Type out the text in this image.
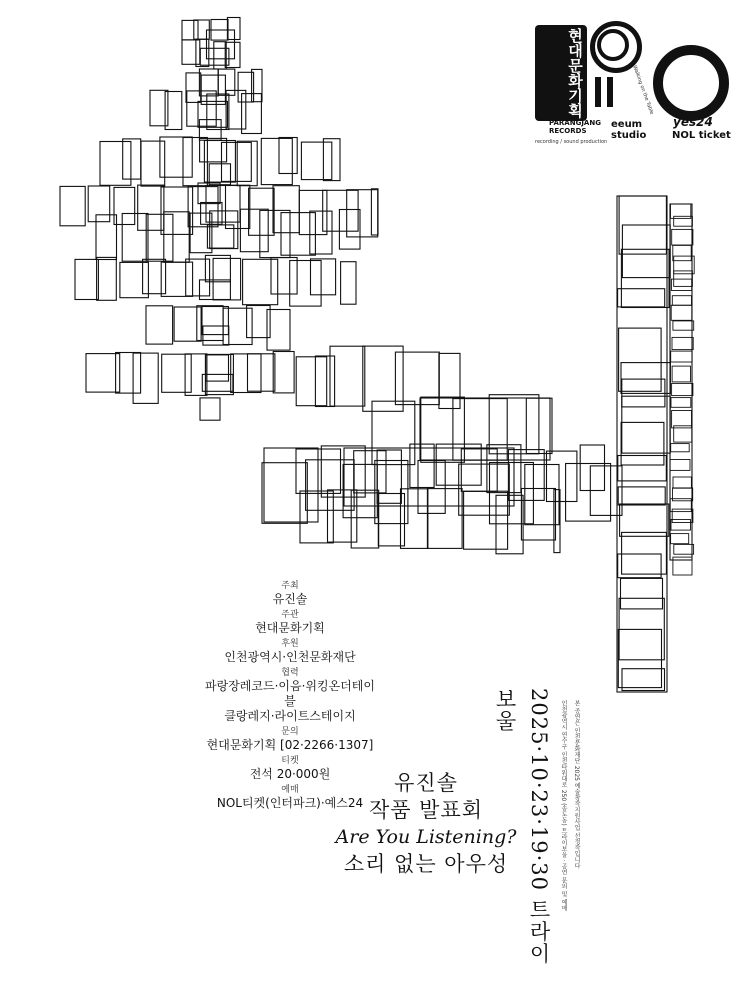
현대문화기획	Walking on the Table
PARANGJANG RECORDS
recording / sound production
eeum studio
yes24
NOL ticket
주최
유진솔
주관
현대문화기획
후원
인천광역시·인천문화재단
협력
파랑장레코드·이음·위킹온더테이블
클랑레지·라이트스테이지
문의
현대문화기획 [02·2266·1307]
티켓
전석 20·000원
예매
NOL티켓(인터파크)·예스24
유진솔
작품 발표회
Are You Listening?
소리 없는 아우성 2025·10·23·19·30 트라이보울	인천광역시 연수구 인천타워대로 250 (송도동) 트라이보울 · 공연 문의 및 예매	본 공연은 인천문화재단 2025 예술창작지원사업 선정작입니다
